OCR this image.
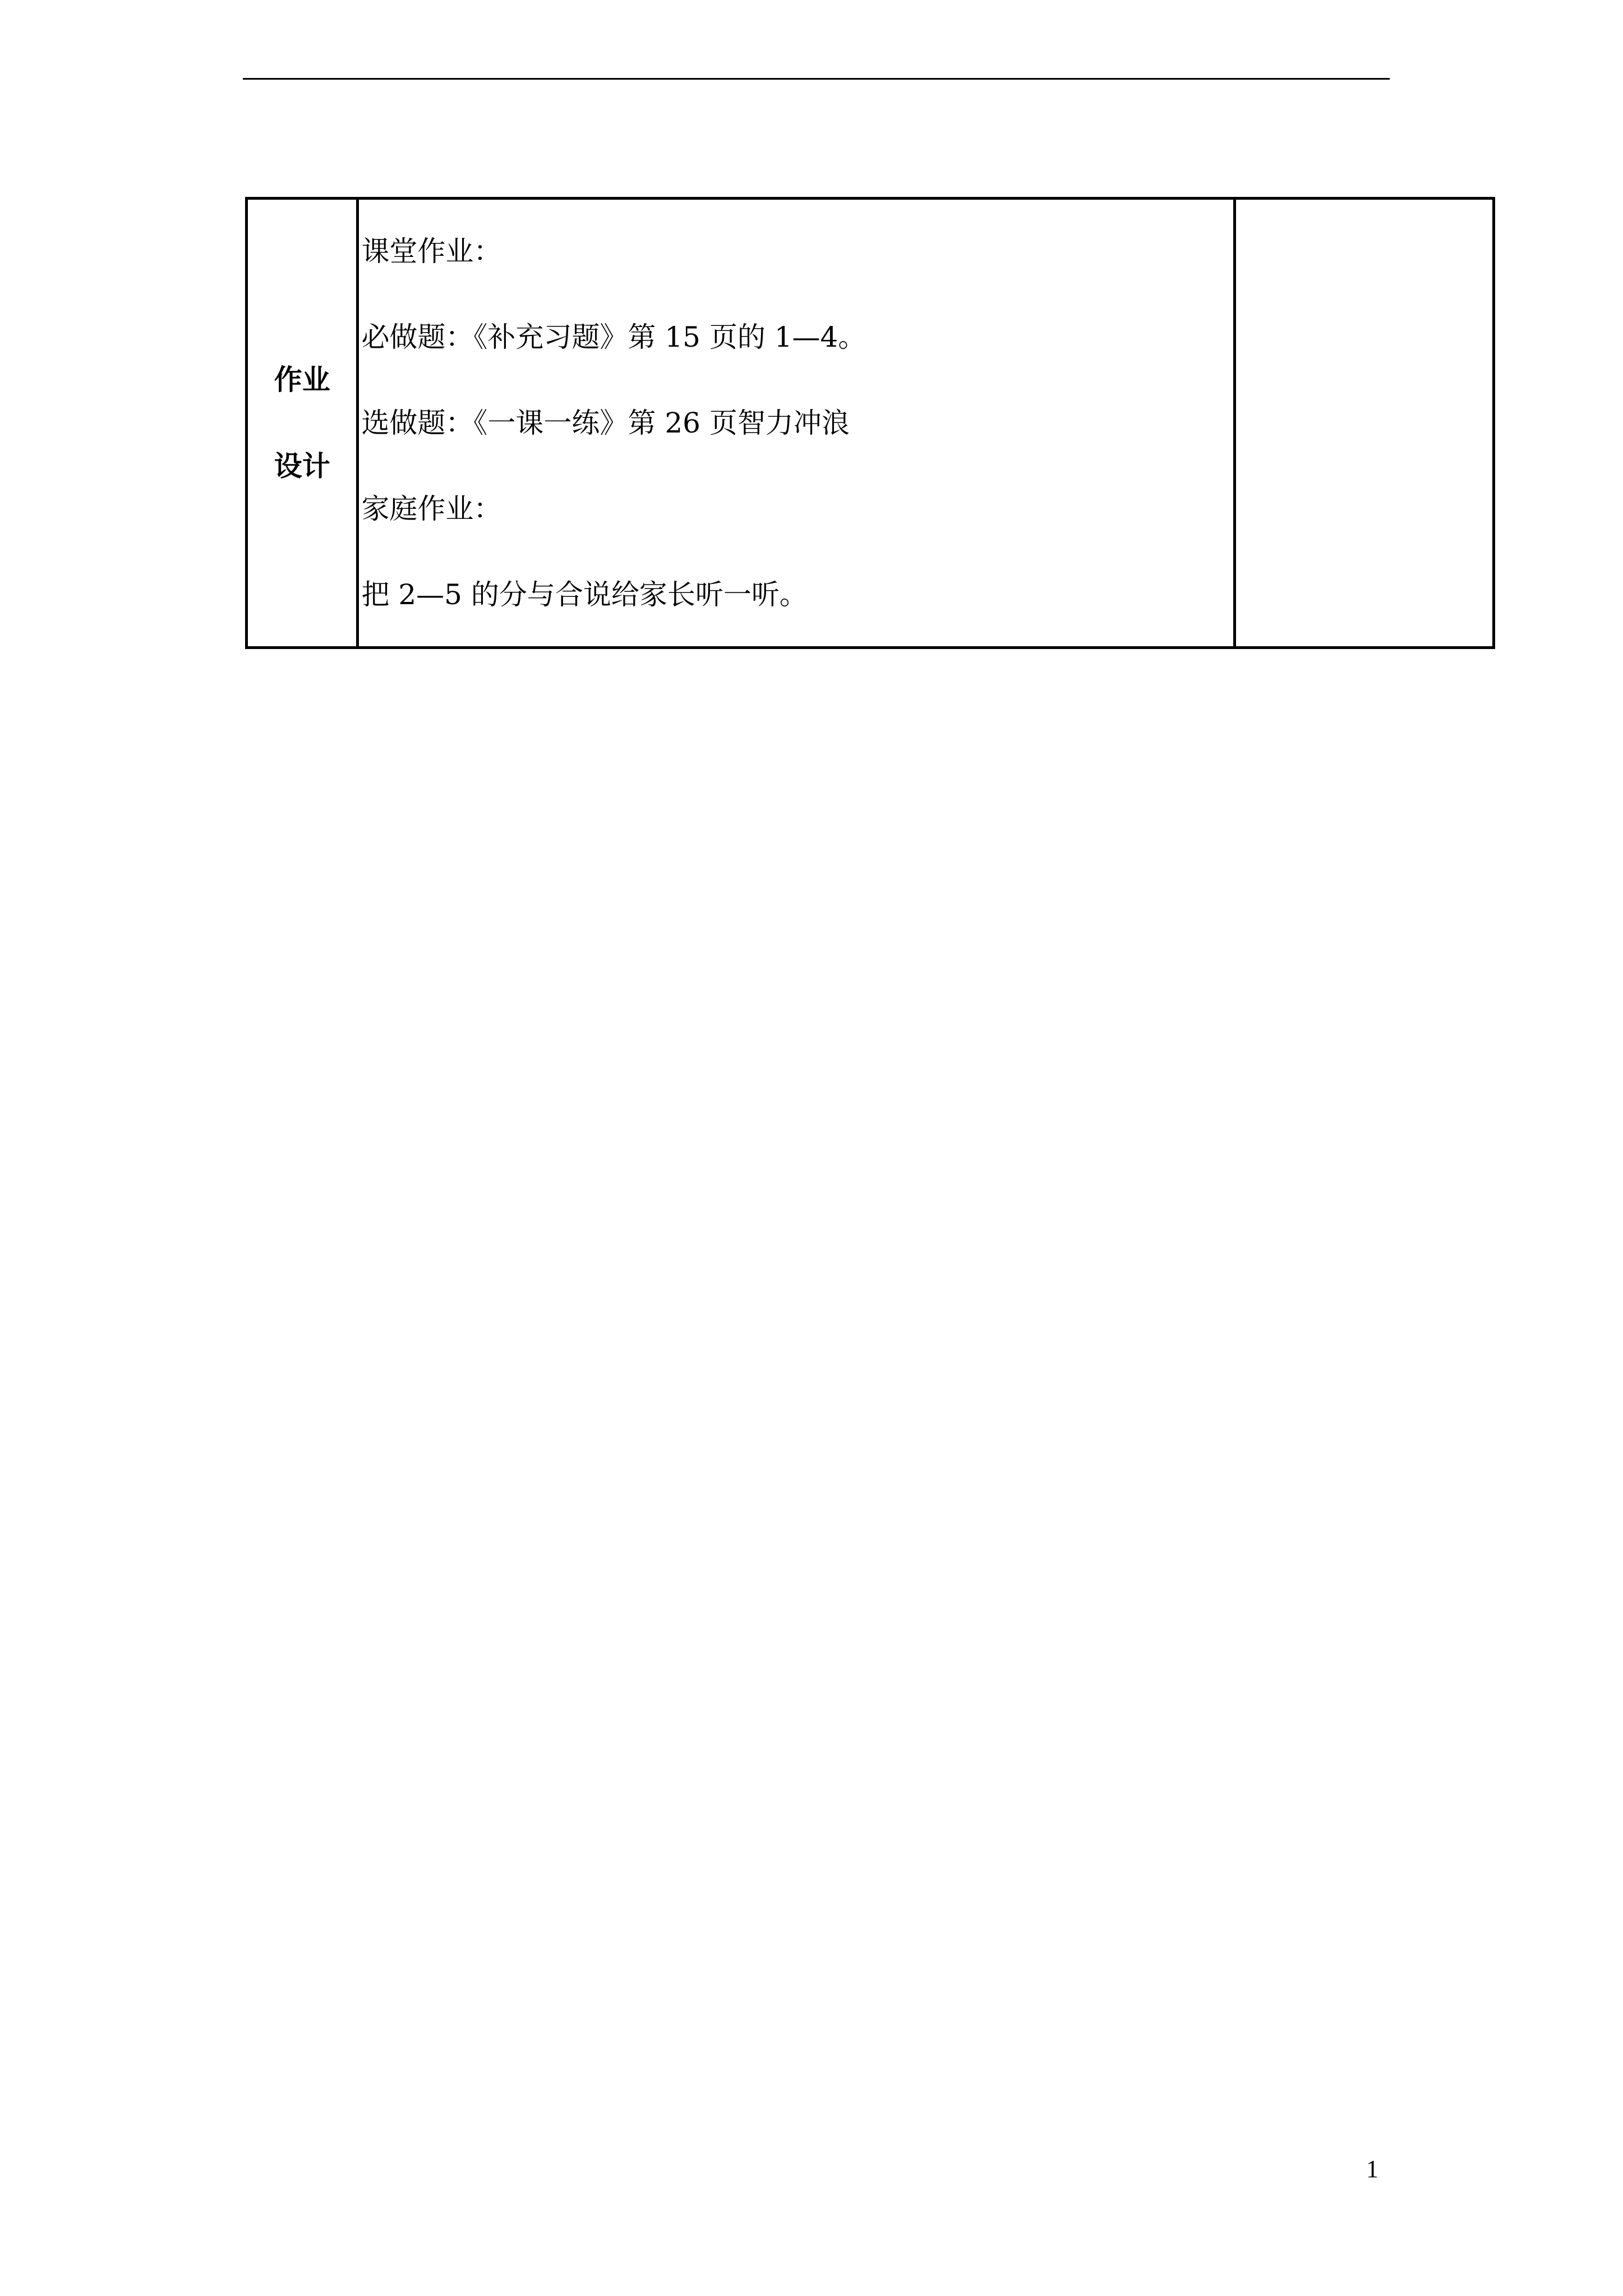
作业
设计

课堂作业：
必做题：《补充习题》第 15 页的 1—4。
选做题：《一课一练》第 26 页智力冲浪
家庭作业：
把 2—5 的分与合说给家长听一听。

1
